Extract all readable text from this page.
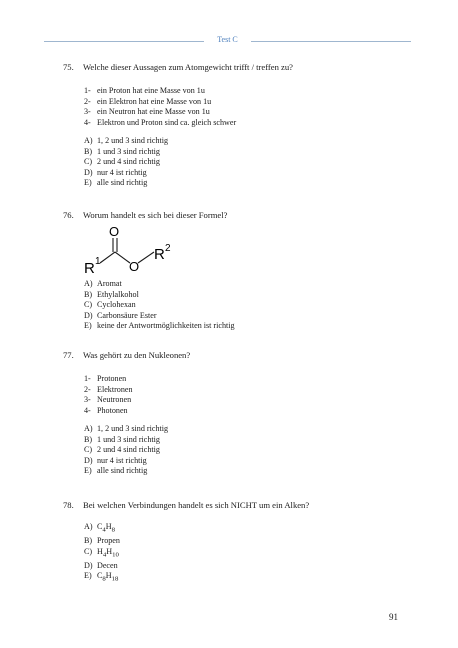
Test C
75. Welche dieser Aussagen zum Atomgewicht trifft / treffen zu?
1- ein Proton hat eine Masse von 1u
2- ein Elektron hat eine Masse von 1u
3- ein Neutron hat eine Masse von 1u
4- Elektron und Proton sind ca. gleich schwer
A) 1, 2 und 3 sind richtig
B) 1 und 3 sind richtig
C) 2 und 4 sind richtig
D) nur 4 ist richtig
E) alle sind richtig
76. Worum handelt es sich bei dieser Formel?
O
O
R 1	R 2
A) Aromat
B) Ethylalkohol
C) Cyclohexan
D) Carbonsäure Ester
E) keine der Antwortmöglichkeiten ist richtig
77. Was gehört zu den Nukleonen?
1- Protonen
2- Elektronen
3- Neutronen
4- Photonen
A) 1, 2 und 3 sind richtig
B) 1 und 3 sind richtig
C) 2 und 4 sind richtig
D) nur 4 ist richtig
E) alle sind richtig
78. Bei welchen Verbindungen handelt es sich NICHT um ein Alken?
A) $C_4H_8$
B) Propen
C) $H_4H_{10}$
D) Decen
E) $C_8H_{18}$
91
